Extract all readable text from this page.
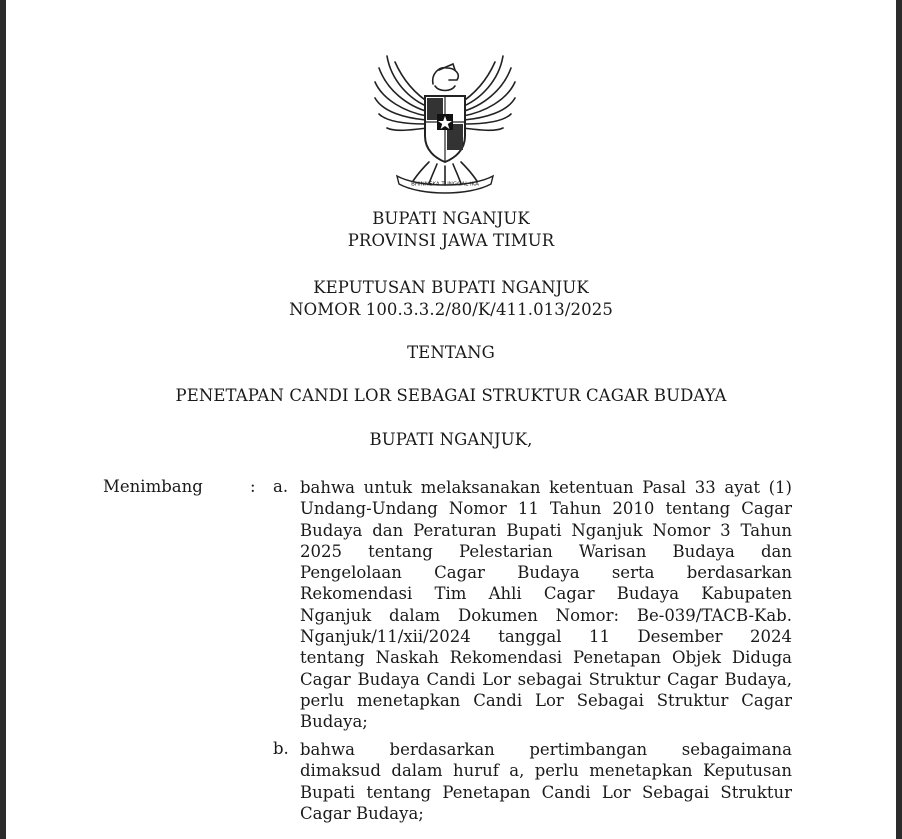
BHINNEKA TUNGGAL IKA
BUPATI NGANJUK
PROVINSI JAWA TIMUR
KEPUTUSAN BUPATI NGANJUK
NOMOR 100.3.3.2/80/K/411.013/2025
TENTANG
PENETAPAN CANDI LOR SEBAGAI STRUKTUR CAGAR BUDAYA
BUPATI NGANJUK,
Menimbang	: a. bahwa untuk melaksanakan ketentuan Pasal 33 ayat (1)
Undang-Undang Nomor 11 Tahun 2010 tentang Cagar
Budaya dan Peraturan Bupati Nganjuk Nomor 3 Tahun
2025 tentang Pelestarian Warisan Budaya dan
Pengelolaan Cagar Budaya serta berdasarkan
Rekomendasi Tim Ahli Cagar Budaya Kabupaten
Nganjuk dalam Dokumen Nomor: Be-039/TACB-Kab.
Nganjuk/11/xii/2024 tanggal 11 Desember 2024
tentang Naskah Rekomendasi Penetapan Objek Diduga
Cagar Budaya Candi Lor sebagai Struktur Cagar Budaya,
perlu menetapkan Candi Lor Sebagai Struktur Cagar
Budaya;
b. bahwa berdasarkan pertimbangan sebagaimana
dimaksud dalam huruf a, perlu menetapkan Keputusan
Bupati tentang Penetapan Candi Lor Sebagai Struktur
Cagar Budaya;
